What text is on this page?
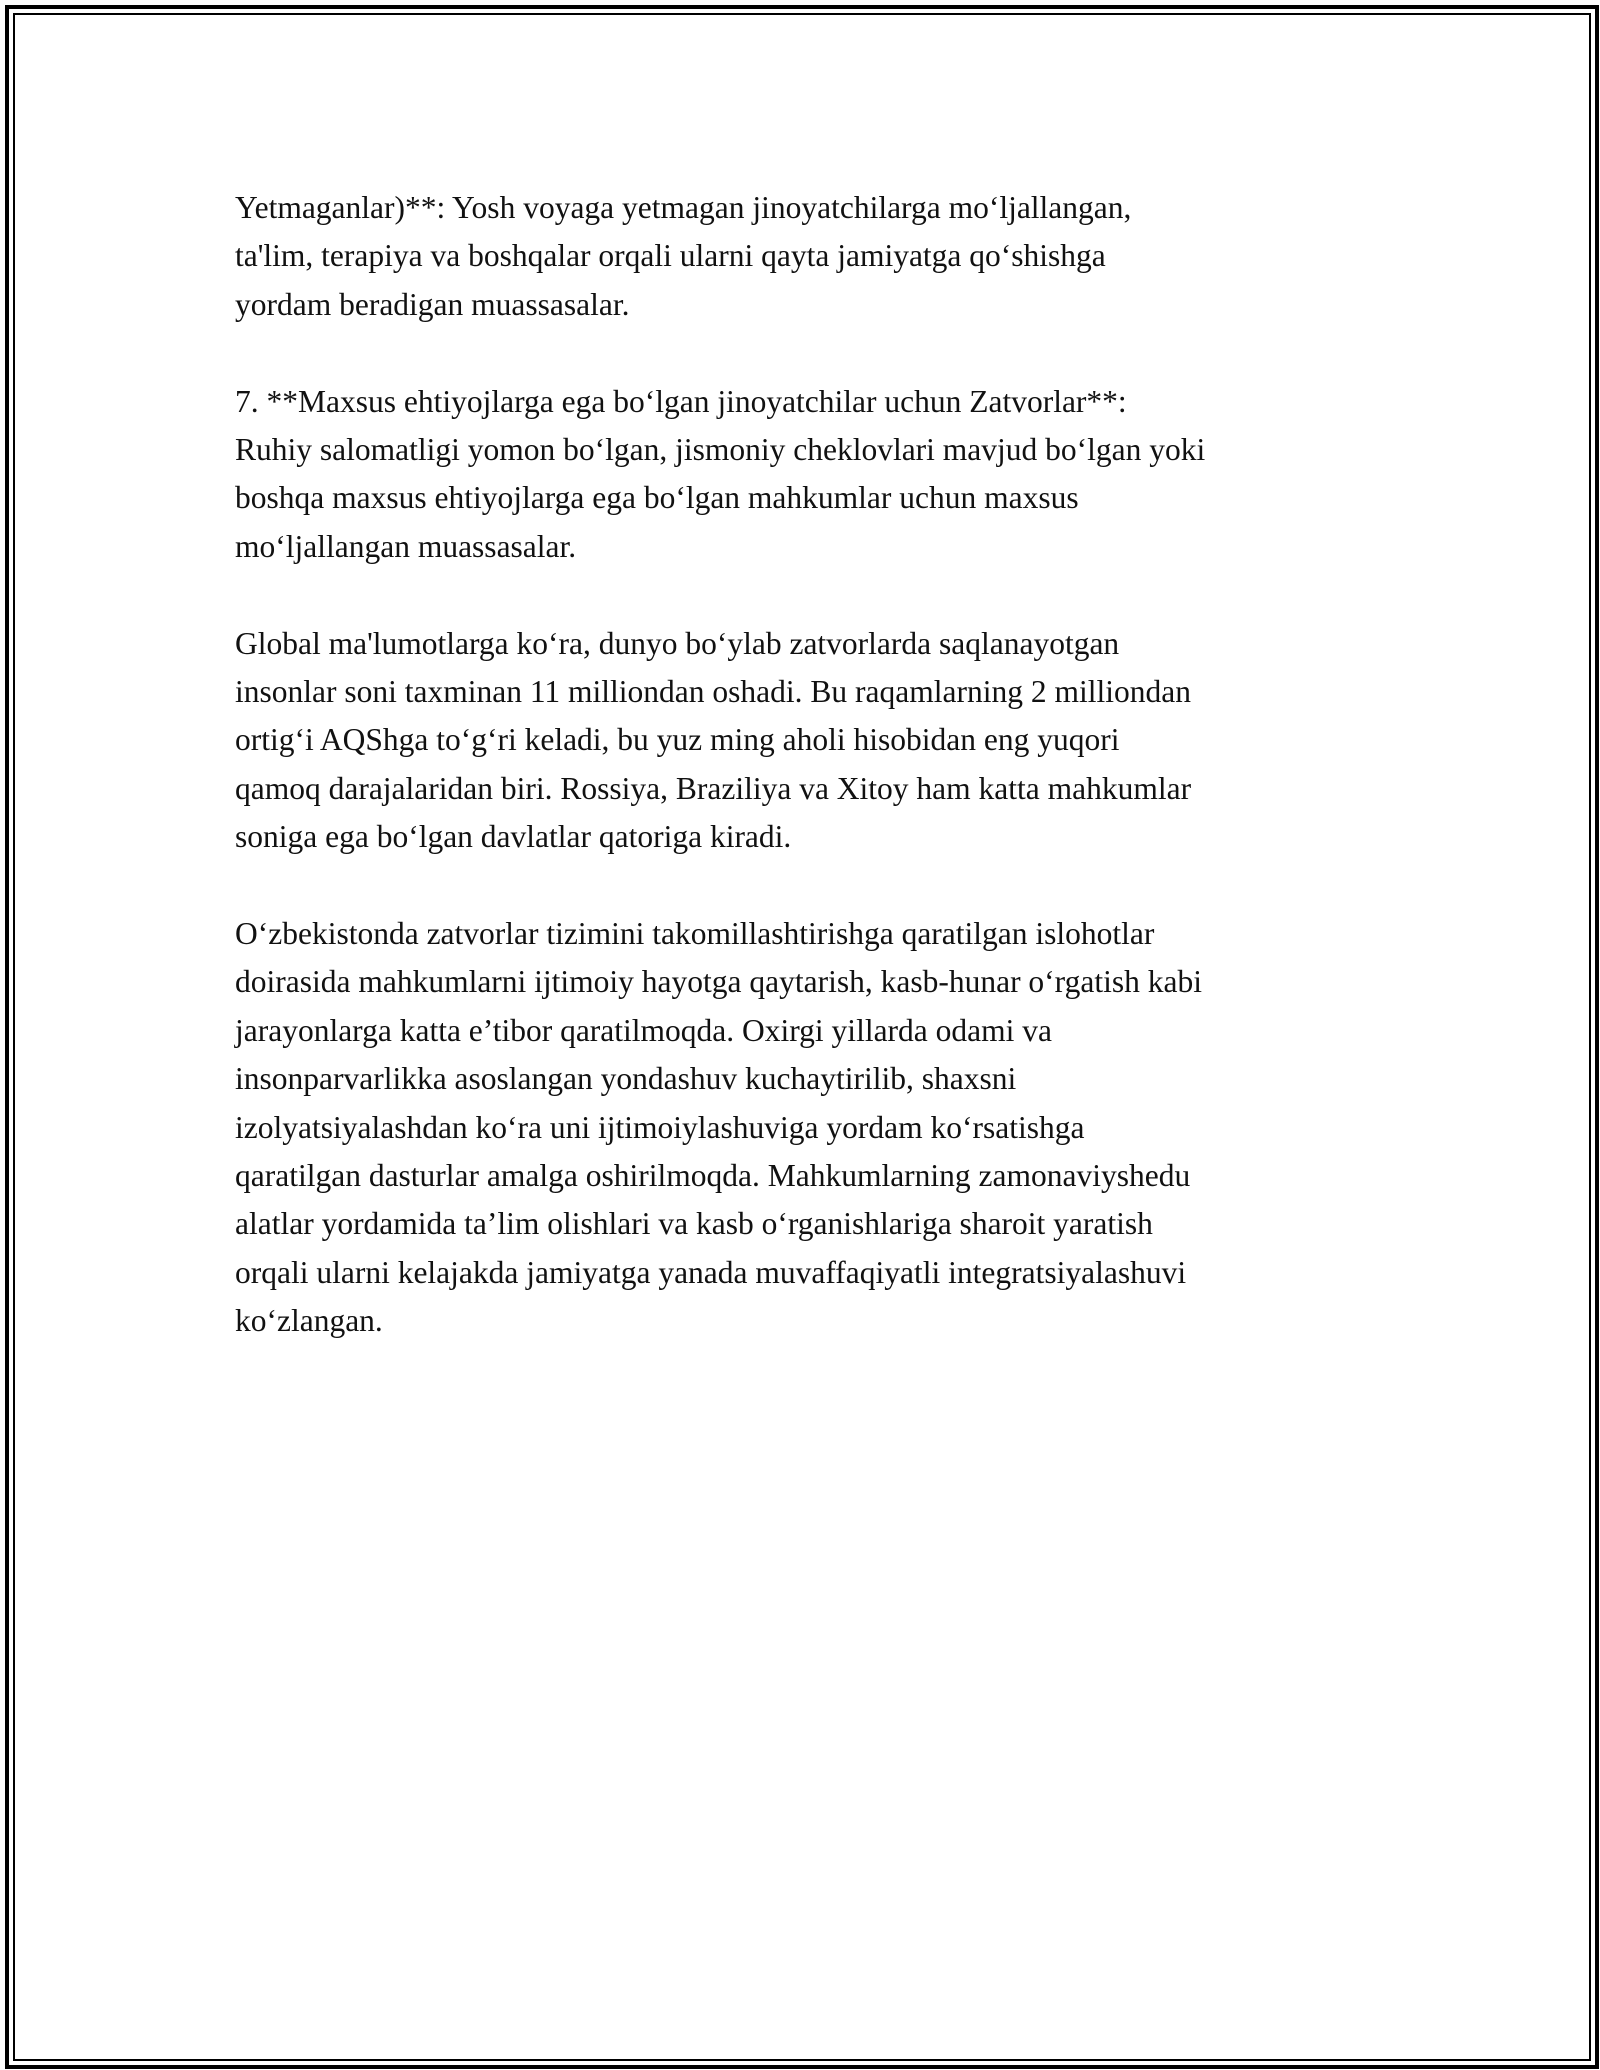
Yetmaganlar)**: Yosh voyaga yetmagan jinoyatchilarga mo‘ljallangan,
ta'lim, terapiya va boshqalar orqali ularni qayta jamiyatga qo‘shishga
yordam beradigan muassasalar.

7. **Maxsus ehtiyojlarga ega bo‘lgan jinoyatchilar uchun Zatvorlar**:
Ruhiy salomatligi yomon bo‘lgan, jismoniy cheklovlari mavjud bo‘lgan yoki
boshqa maxsus ehtiyojlarga ega bo‘lgan mahkumlar uchun maxsus
mo‘ljallangan muassasalar.

Global ma'lumotlarga ko‘ra, dunyo bo‘ylab zatvorlarda saqlanayotgan
insonlar soni taxminan 11 milliondan oshadi. Bu raqamlarning 2 milliondan
ortig‘i AQShga to‘g‘ri keladi, bu yuz ming aholi hisobidan eng yuqori
qamoq darajalaridan biri. Rossiya, Braziliya va Xitoy ham katta mahkumlar
soniga ega bo‘lgan davlatlar qatoriga kiradi.

O‘zbekistonda zatvorlar tizimini takomillashtirishga qaratilgan islohotlar
doirasida mahkumlarni ijtimoiy hayotga qaytarish, kasb-hunar o‘rgatish kabi
jarayonlarga katta e’tibor qaratilmoqda. Oxirgi yillarda odami va
insonparvarlikka asoslangan yondashuv kuchaytirilib, shaxsni
izolyatsiyalashdan ko‘ra uni ijtimoiylashuviga yordam ko‘rsatishga
qaratilgan dasturlar amalga oshirilmoqda. Mahkumlarning zamonaviyshedu
alatlar yordamida ta’lim olishlari va kasb o‘rganishlariga sharoit yaratish
orqali ularni kelajakda jamiyatga yanada muvaffaqiyatli integratsiyalashuvi
ko‘zlangan.
